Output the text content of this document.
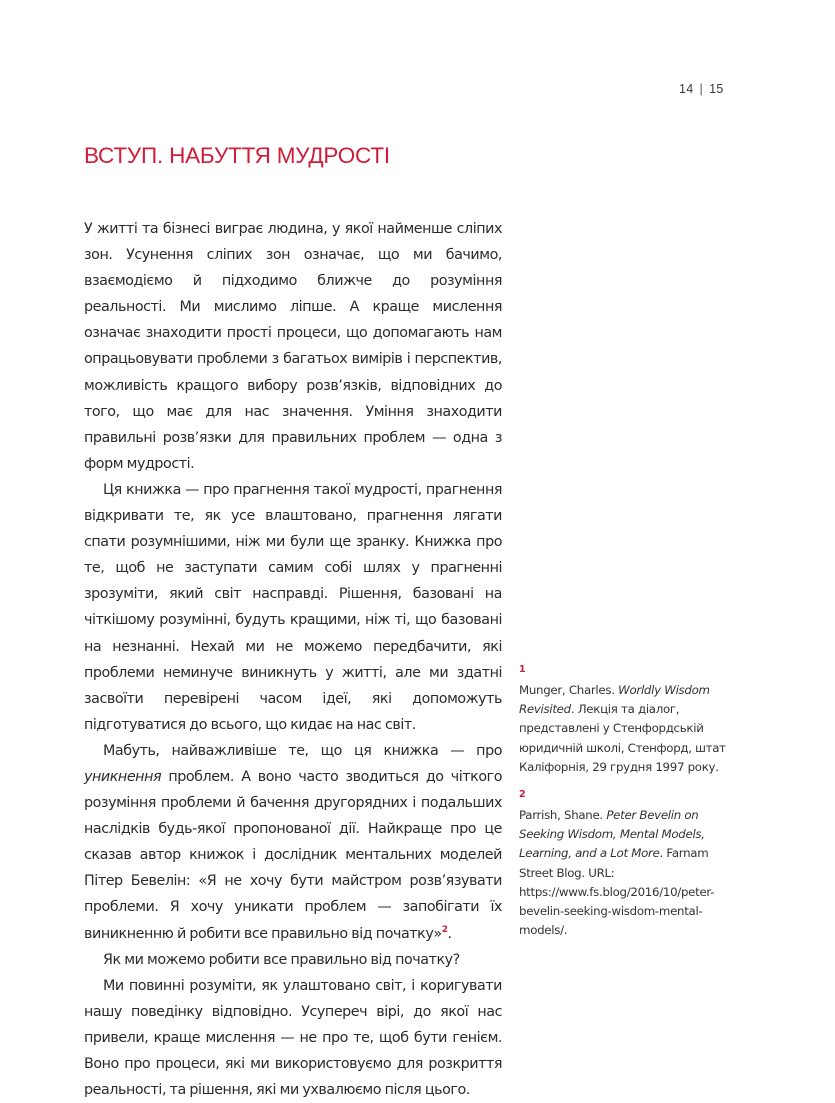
14 | 15
ВСТУП. НАБУТТЯ МУДРОСТІ

У житті та бізнесі виграє людина, у якої найменше сліпих зон. Усунення сліпих зон означає, що ми бачимо, взаємодіємо й підходимо ближче до розуміння реальності. Ми мислимо ліпше. А краще мислення означає знаходити прості процеси, що допомагають нам опрацьовувати проблеми з багатьох вимірів і перспектив, можливість кращого вибору розв’язків, відповідних до того, що має для нас значення. Уміння знаходити правильні розв’язки для правильних проблем — одна з форм мудрості.

Ця книжка — про прагнення такої мудрості, прагнення відкривати те, як усе влаштовано, прагнення лягати спати розумнішими, ніж ми були ще зранку. Книжка про те, щоб не заступати самим собі шлях у прагненні зрозуміти, який світ насправді. Рішення, базовані на чіткішому розумінні, будуть кращими, ніж ті, що базовані на незнанні. Нехай ми не можемо передбачити, які проблеми неминуче виникнуть у житті, але ми здатні засвоїти перевірені часом ідеї, які допоможуть підготуватися до всього, що кидає на нас світ.

Мабуть, найважливіше те, що ця книжка — про уникнення проблем. А воно часто зводиться до чіткого розуміння проблеми й бачення другорядних і подальших наслідків будь-якої пропонованої дії. Найкраще про це сказав автор книжок і дослідник ментальних моделей Пітер Бевелін: «Я не хочу бути майстром розв’язувати проблеми. Я хочу уникати проблем — запобігати їх виникненню й робити все правильно від початку»$^2$.

Як ми можемо робити все правильно від початку?

Ми повинні розуміти, як улаштовано світ, і коригувати нашу поведінку відповідно. Усупереч вірі, до якої нас привели, краще мислення — не про те, щоб бути генієм. Воно про процеси, які ми використовуємо для розкриття реальності, та рішення, які ми ухвалюємо після цього.

1
Munger, Charles. Worldly Wisdom Revisited. Лекція та діалог, представлені у Стенфордській юридичній школі, Стенфорд, штат Каліфорнія, 29 грудня 1997 року.
2
Parrish, Shane. Peter Bevelin on Seeking Wisdom, Mental Models, Learning, and a Lot More. Farnam Street Blog. URL: https://www.fs.blog/2016/10/peter-bevelin-seeking-wisdom-mental-models/.
